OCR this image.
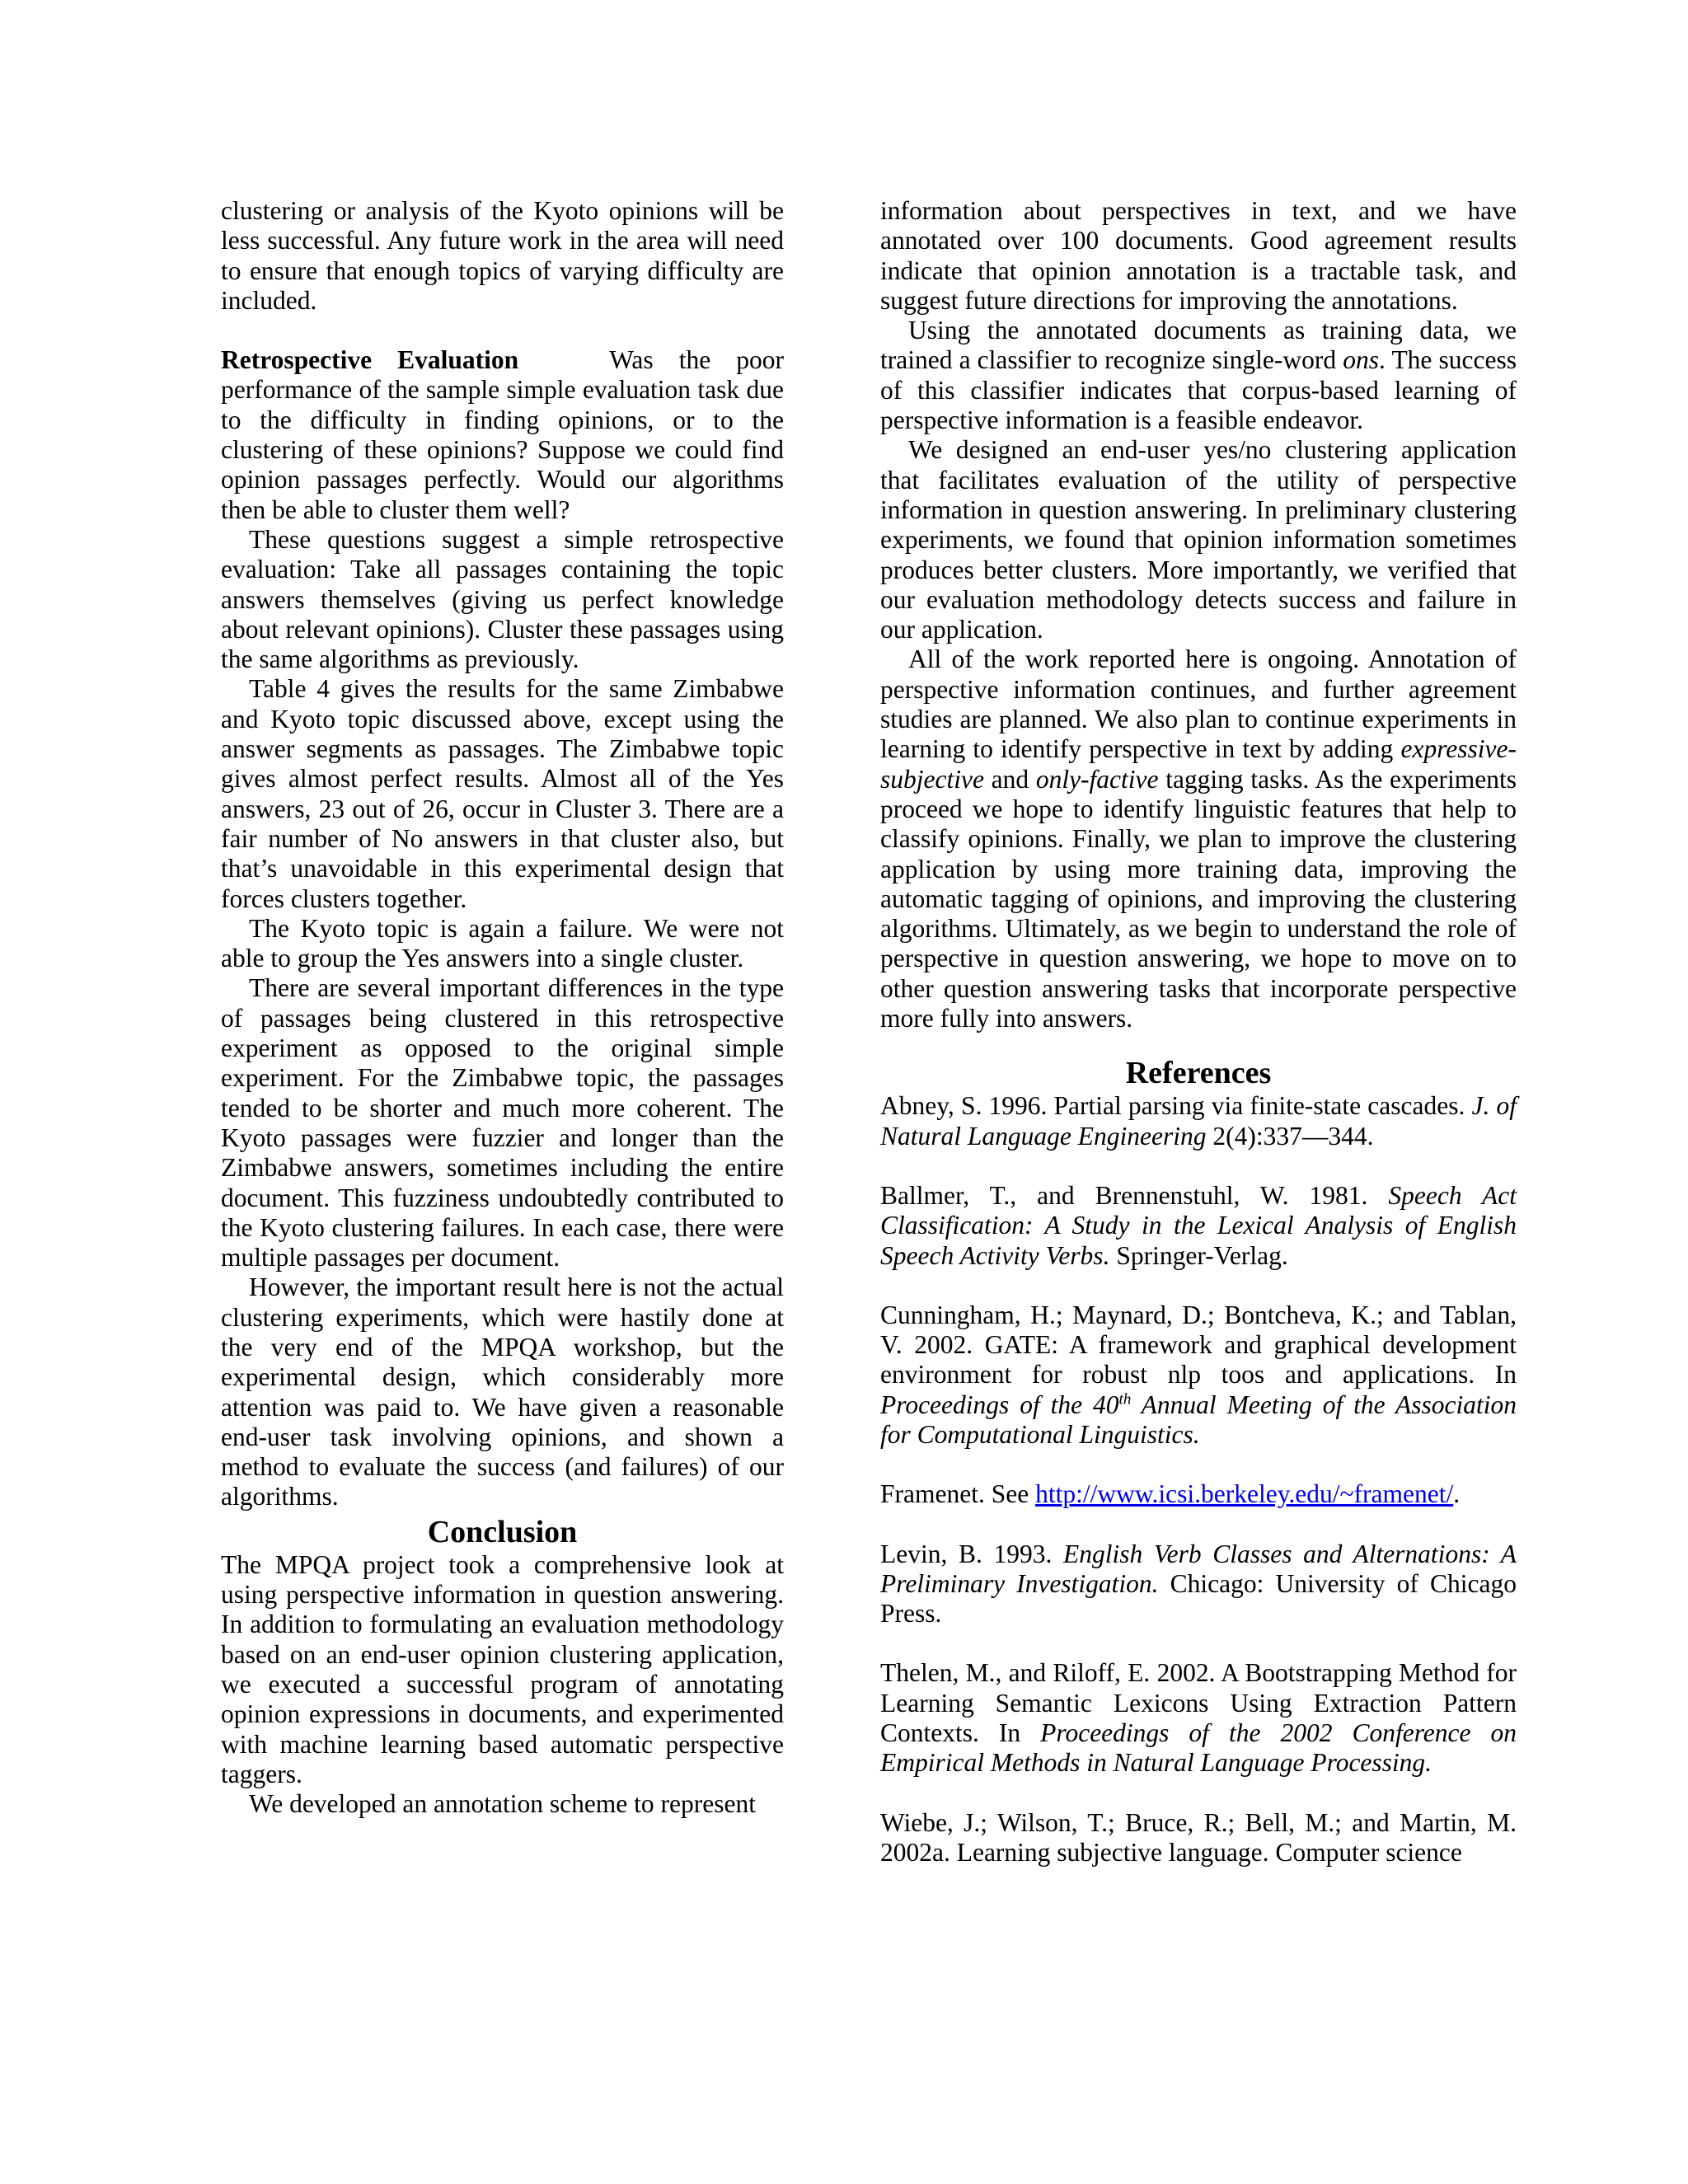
clustering or analysis of the Kyoto opinions will be less successful. Any future work in the area will need to ensure that enough topics of varying difficulty are included.

Retrospective Evaluation	Was the poor performance of the sample simple evaluation task due to the difficulty in finding opinions, or to the clustering of these opinions? Suppose we could find opinion passages perfectly. Would our algorithms then be able to cluster them well?

These questions suggest a simple retrospective evaluation: Take all passages containing the topic answers themselves (giving us perfect knowledge about relevant opinions). Cluster these passages using the same algorithms as previously.

Table 4 gives the results for the same Zimbabwe and Kyoto topic discussed above, except using the answer segments as passages. The Zimbabwe topic gives almost perfect results. Almost all of the Yes answers, 23 out of 26, occur in Cluster 3. There are a fair number of No answers in that cluster also, but that’s unavoidable in this experimental design that forces clusters together.

The Kyoto topic is again a failure. We were not able to group the Yes answers into a single cluster.

There are several important differences in the type of passages being clustered in this retrospective experiment as opposed to the original simple experiment. For the Zimbabwe topic, the passages tended to be shorter and much more coherent. The Kyoto passages were fuzzier and longer than the Zimbabwe answers, sometimes including the entire document. This fuzziness undoubtedly contributed to the Kyoto clustering failures. In each case, there were multiple passages per document.

However, the important result here is not the actual clustering experiments, which were hastily done at the very end of the MPQA workshop, but the experimental design, which considerably more attention was paid to. We have given a reasonable end-user task involving opinions, and shown a method to evaluate the success (and failures) of our algorithms.

Conclusion

The MPQA project took a comprehensive look at using perspective information in question answering. In addition to formulating an evaluation methodology based on an end-user opinion clustering application, we executed a successful program of annotating opinion expressions in documents, and experimented with machine learning based automatic perspective taggers.

We developed an annotation scheme to represent

information about perspectives in text, and we have annotated over 100 documents. Good agreement results indicate that opinion annotation is a tractable task, and suggest future directions for improving the annotations.

Using the annotated documents as training data, we trained a classifier to recognize single-word ons. The success of this classifier indicates that corpus-based learning of perspective information is a feasible endeavor.

We designed an end-user yes/no clustering application that facilitates evaluation of the utility of perspective information in question answering. In preliminary clustering experiments, we found that opinion information sometimes produces better clusters. More importantly, we verified that our evaluation methodology detects success and failure in our application.

All of the work reported here is ongoing. Annotation of perspective information continues, and further agreement studies are planned. We also plan to continue experiments in learning to identify perspective in text by adding expressive-subjective and only-factive tagging tasks. As the experiments proceed we hope to identify linguistic features that help to classify opinions. Finally, we plan to improve the clustering application by using more training data, improving the automatic tagging of opinions, and improving the clustering algorithms. Ultimately, as we begin to understand the role of perspective in question answering, we hope to move on to other question answering tasks that incorporate perspective more fully into answers.

References

Abney, S. 1996. Partial parsing via finite-state cascades. J. of Natural Language Engineering 2(4):337—344.

Ballmer, T., and Brennenstuhl, W. 1981. Speech Act Classification: A Study in the Lexical Analysis of English Speech Activity Verbs. Springer-Verlag.

Cunningham, H.; Maynard, D.; Bontcheva, K.; and Tablan, V. 2002. GATE: A framework and graphical development environment for robust nlp toos and applications. In Proceedings of the 40th Annual Meeting of the Association for Computational Linguistics.

Framenet. See http://www.icsi.berkeley.edu/~framenet/.

Levin, B. 1993. English Verb Classes and Alternations: A Preliminary Investigation. Chicago: University of Chicago Press.

Thelen, M., and Riloff, E. 2002. A Bootstrapping Method for Learning Semantic Lexicons Using Extraction Pattern Contexts. In Proceedings of the 2002 Conference on Empirical Methods in Natural Language Processing.

Wiebe, J.; Wilson, T.; Bruce, R.; Bell, M.; and Martin, M. 2002a. Learning subjective language. Computer science
